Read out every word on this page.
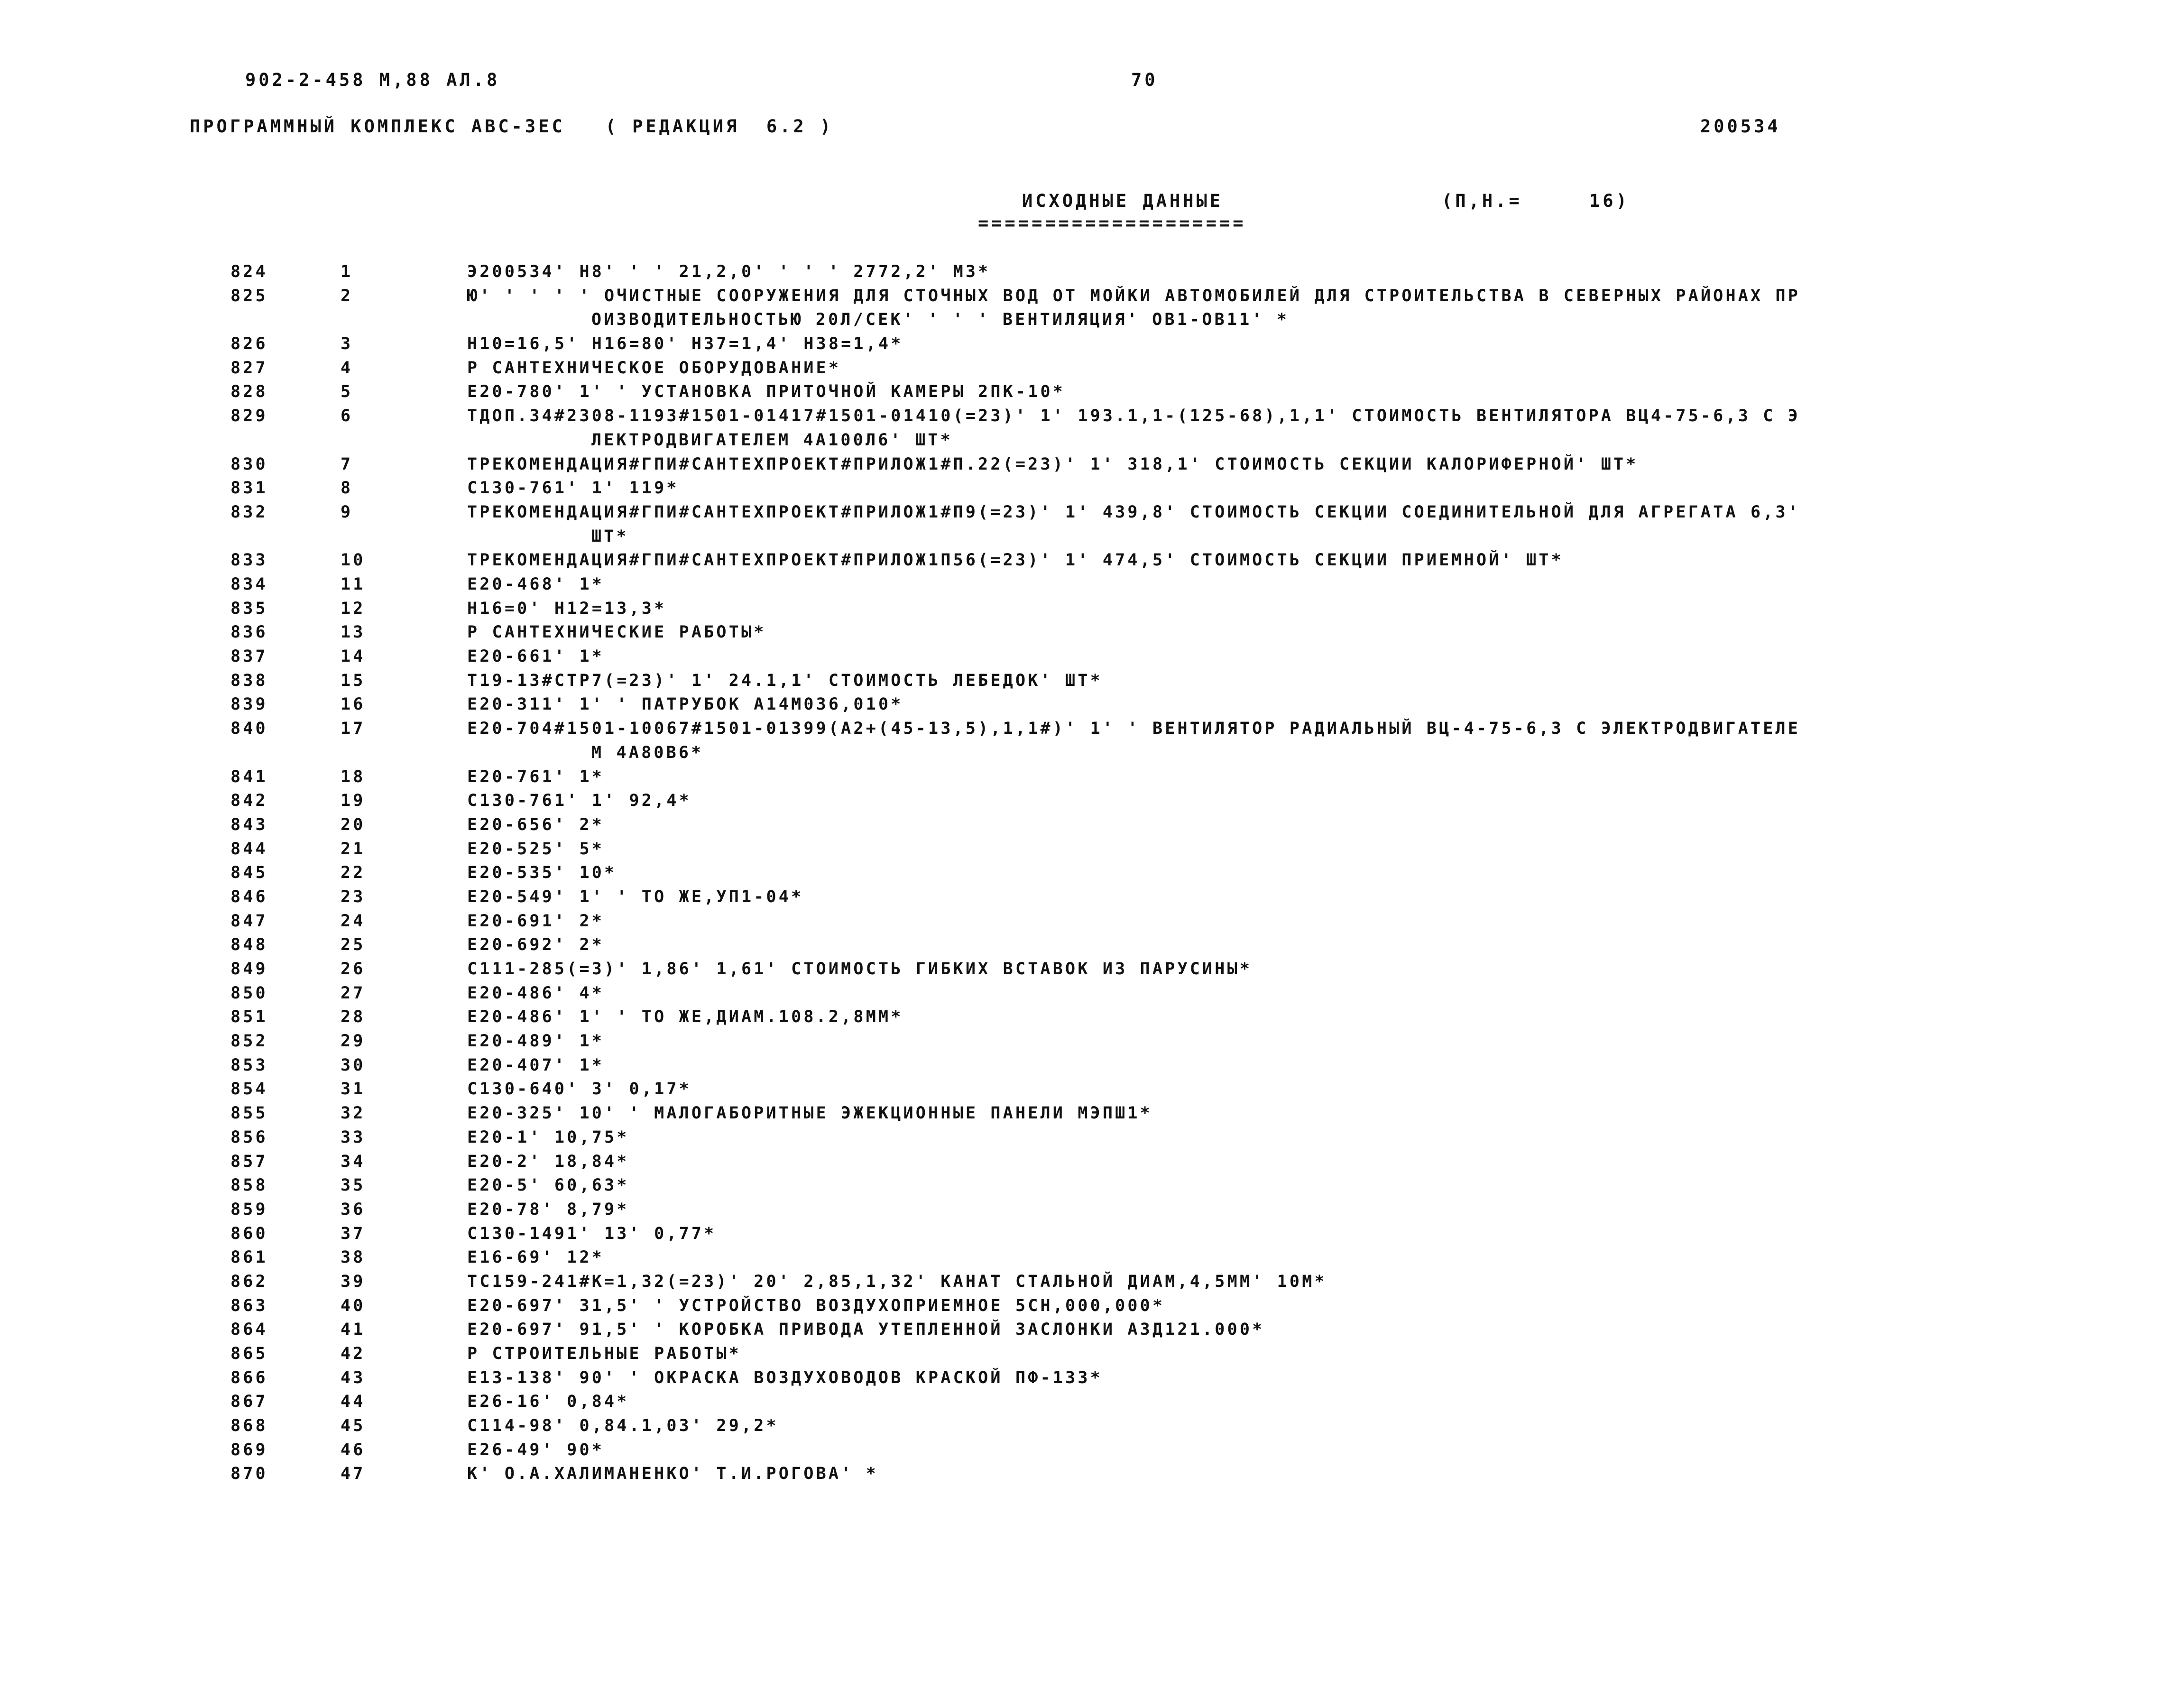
902-2-458 М,88 АЛ.8	70
ПРОГРАММНЫЙ КОМПЛЕКС АВС-3ЕС   ( РЕДАКЦИЯ  6.2 )	200534
ИСХОДНЫЕ ДАННЫЕ	(П,Н.=     16)
====================
824	1	Э200534' Н8' ' ' 21,2,0' ' ' ' 2772,2' М3*
825	2	Ю' ' ' ' ' ОЧИСТНЫЕ СООРУЖЕНИЯ ДЛЯ СТОЧНЫХ ВОД ОТ МОЙКИ АВТОМОБИЛЕЙ ДЛЯ СТРОИТЕЛЬСТВА В СЕВЕРНЫХ РАЙОНАХ ПР
ОИЗВОДИТЕЛЬНОСТЬЮ 20Л/СЕК' ' ' ' ВЕНТИЛЯЦИЯ' ОВ1-ОВ11' *
826	3	Н10=16,5' Н16=80' Н37=1,4' Н38=1,4*
827	4	Р САНТЕХНИЧЕСКОЕ ОБОРУДОВАНИЕ*
828	5	Е20-780' 1' ' УСТАНОВКА ПРИТОЧНОЙ КАМЕРЫ 2ПК-10*
829	6	ТДОП.34#2308-1193#1501-01417#1501-01410(=23)' 1' 193.1,1-(125-68),1,1' СТОИМОСТЬ ВЕНТИЛЯТОРА ВЦ4-75-6,3 С Э
ЛЕКТРОДВИГАТЕЛЕМ 4А100Л6' ШТ*
830	7	ТРЕКОМЕНДАЦИЯ#ГПИ#САНТЕХПРОЕКТ#ПРИЛОЖ1#П.22(=23)' 1' 318,1' СТОИМОСТЬ СЕКЦИИ КАЛОРИФЕРНОЙ' ШТ*
831	8	С130-761' 1' 119*
832	9	ТРЕКОМЕНДАЦИЯ#ГПИ#САНТЕХПРОЕКТ#ПРИЛОЖ1#П9(=23)' 1' 439,8' СТОИМОСТЬ СЕКЦИИ СОЕДИНИТЕЛЬНОЙ ДЛЯ АГРЕГАТА 6,3'
ШТ*
833	10	ТРЕКОМЕНДАЦИЯ#ГПИ#САНТЕХПРОЕКТ#ПРИЛОЖ1П56(=23)' 1' 474,5' СТОИМОСТЬ СЕКЦИИ ПРИЕМНОЙ' ШТ*
834	11	Е20-468' 1*
835	12	Н16=0' Н12=13,3*
836	13	Р САНТЕХНИЧЕСКИЕ РАБОТЫ*
837	14	Е20-661' 1*
838	15	Т19-13#СТР7(=23)' 1' 24.1,1' СТОИМОСТЬ ЛЕБЕДОК' ШТ*
839	16	Е20-311' 1' ' ПАТРУБОК А14М036,010*
840	17	Е20-704#1501-10067#1501-01399(А2+(45-13,5),1,1#)' 1' ' ВЕНТИЛЯТОР РАДИАЛЬНЫЙ ВЦ-4-75-6,3 С ЭЛЕКТРОДВИГАТЕЛЕ
М 4А80В6*
841	18	Е20-761' 1*
842	19	С130-761' 1' 92,4*
843	20	Е20-656' 2*
844	21	Е20-525' 5*
845	22	Е20-535' 10*
846	23	Е20-549' 1' ' ТО ЖЕ,УП1-04*
847	24	Е20-691' 2*
848	25	Е20-692' 2*
849	26	С111-285(=3)' 1,86' 1,61' СТОИМОСТЬ ГИБКИХ ВСТАВОК ИЗ ПАРУСИНЫ*
850	27	Е20-486' 4*
851	28	Е20-486' 1' ' ТО ЖЕ,ДИАМ.108.2,8ММ*
852	29	Е20-489' 1*
853	30	Е20-407' 1*
854	31	С130-640' 3' 0,17*
855	32	Е20-325' 10' ' МАЛОГАБОРИТНЫЕ ЭЖЕКЦИОННЫЕ ПАНЕЛИ МЭПШ1*
856	33	Е20-1' 10,75*
857	34	Е20-2' 18,84*
858	35	Е20-5' 60,63*
859	36	Е20-78' 8,79*
860	37	С130-1491' 13' 0,77*
861	38	Е16-69' 12*
862	39	ТС159-241#К=1,32(=23)' 20' 2,85,1,32' КАНАТ СТАЛЬНОЙ ДИАМ,4,5ММ' 10М*
863	40	Е20-697' 31,5' ' УСТРОЙСТВО ВОЗДУХОПРИЕМНОЕ 5СН,000,000*
864	41	Е20-697' 91,5' ' КОРОБКА ПРИВОДА УТЕПЛЕННОЙ ЗАСЛОНКИ АЗД121.000*
865	42	Р СТРОИТЕЛЬНЫЕ РАБОТЫ*
866	43	Е13-138' 90' ' ОКРАСКА ВОЗДУХОВОДОВ КРАСКОЙ ПФ-133*
867	44	Е26-16' 0,84*
868	45	С114-98' 0,84.1,03' 29,2*
869	46	Е26-49' 90*
870	47	К' О.А.ХАЛИМАНЕНКО' Т.И.РОГОВА' *
